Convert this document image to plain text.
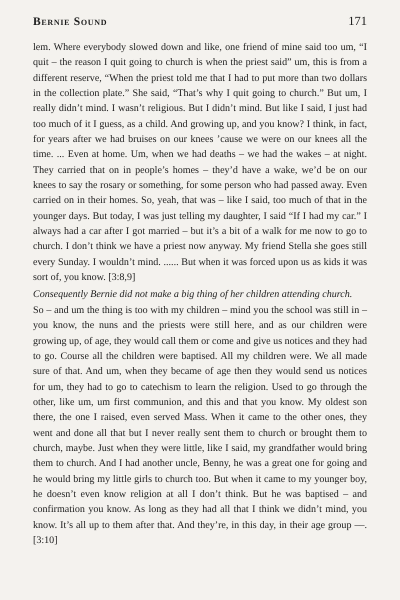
Bernie Sound	171

lem. Where everybody slowed down and like, one friend of mine said too um, “I quit – the reason I quit going to church is when the priest said” um, this is from a different reserve, “When the priest told me that I had to put more than two dollars in the collection plate.” She said, “That’s why I quit going to church.” But um, I really didn’t mind. I wasn’t religious. But I didn’t mind. But like I said, I just had too much of it I guess, as a child. And growing up, and you know? I think, in fact, for years after we had bruises on our knees ’cause we were on our knees all the time. ... Even at home. Um, when we had deaths – we had the wakes – at night. They carried that on in people’s homes – they’d have a wake, we’d be on our knees to say the rosary or something, for some person who had passed away. Even carried on in their homes. So, yeah, that was – like I said, too much of that in the younger days. But today, I was just telling my daughter, I said “If I had my car.” I always had a car after I got married – but it’s a bit of a walk for me now to go to church. I don’t think we have a priest now anyway. My friend Stella she goes still every Sunday. I wouldn’t mind. ...... But when it was forced upon us as kids it was sort of, you know. [3:8,9]

Consequently Bernie did not make a big thing of her children attending church.

So – and um the thing is too with my children – mind you the school was still in – you know, the nuns and the priests were still here, and as our children were growing up, of age, they would call them or come and give us notices and they had to go. Course all the children were baptised. All my children were. We all made sure of that. And um, when they became of age then they would send us notices for um, they had to go to catechism to learn the religion. Used to go through the other, like um, um first communion, and this and that you know. My oldest son there, the one I raised, even served Mass. When it came to the other ones, they went and done all that but I never really sent them to church or brought them to church, maybe. Just when they were little, like I said, my grandfather would bring them to church. And I had another uncle, Benny, he was a great one for going and he would bring my little girls to church too. But when it came to my younger boy, he doesn’t even know religion at all I don’t think. But he was baptised – and confirmation you know. As long as they had all that I think we didn’t mind, you know. It’s all up to them after that. And they’re, in this day, in their age group ––. [3:10]
